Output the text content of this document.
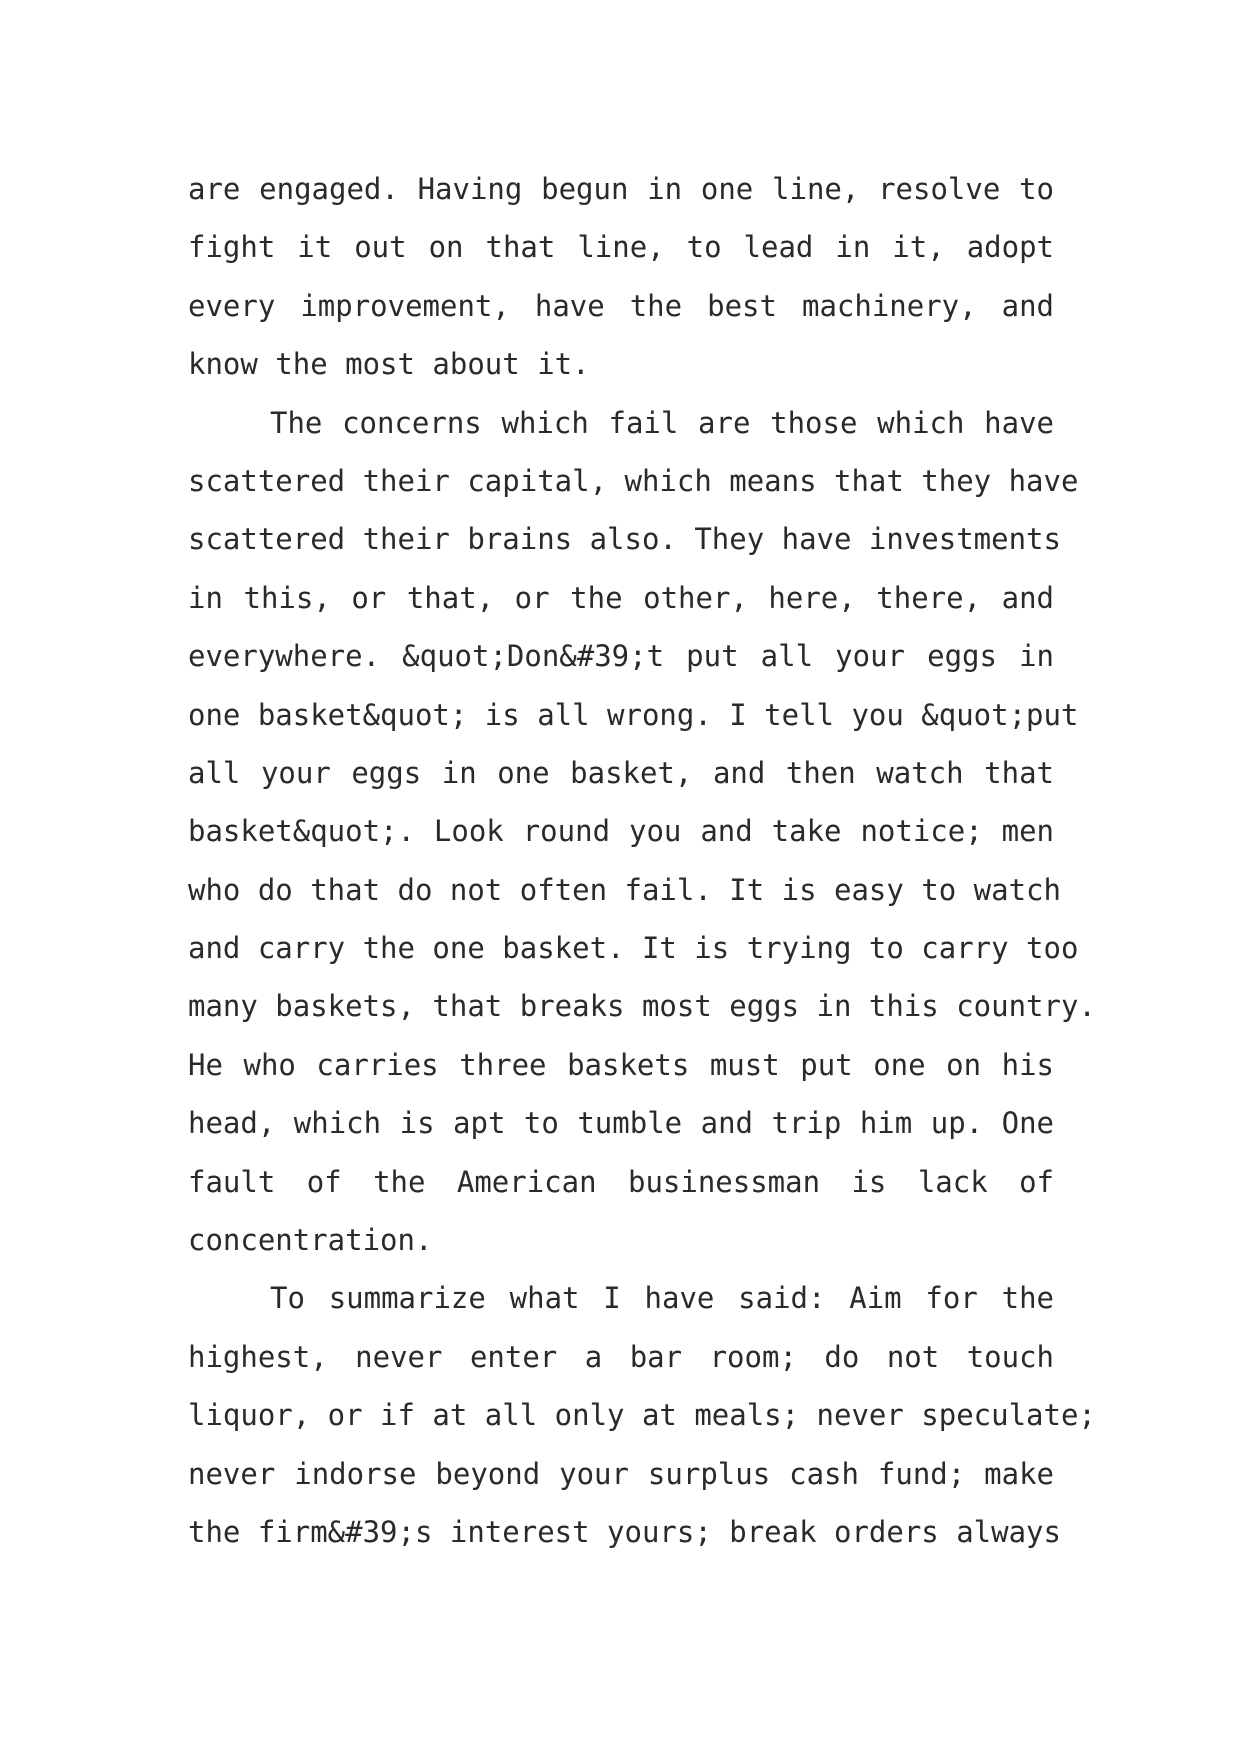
are engaged. Having begun in one line, resolve to
fight it out on that line, to lead in it, adopt
every improvement, have the best machinery, and
know the most about it.
The concerns which fail are those which have
scattered their capital, which means that they have
scattered their brains also. They have investments
in this, or that, or the other, here, there, and
everywhere. &quot;Don&#39;t put all your eggs in
one basket&quot; is all wrong. I tell you &quot;put
all your eggs in one basket, and then watch that
basket&quot;. Look round you and take notice; men
who do that do not often fail. It is easy to watch
and carry the one basket. It is trying to carry too
many baskets, that breaks most eggs in this country.
He who carries three baskets must put one on his
head, which is apt to tumble and trip him up. One
fault of the American businessman is lack of
concentration.
To summarize what I have said: Aim for the
highest, never enter a bar room; do not touch
liquor, or if at all only at meals; never speculate;
never indorse beyond your surplus cash fund; make
the firm&#39;s interest yours; break orders always
